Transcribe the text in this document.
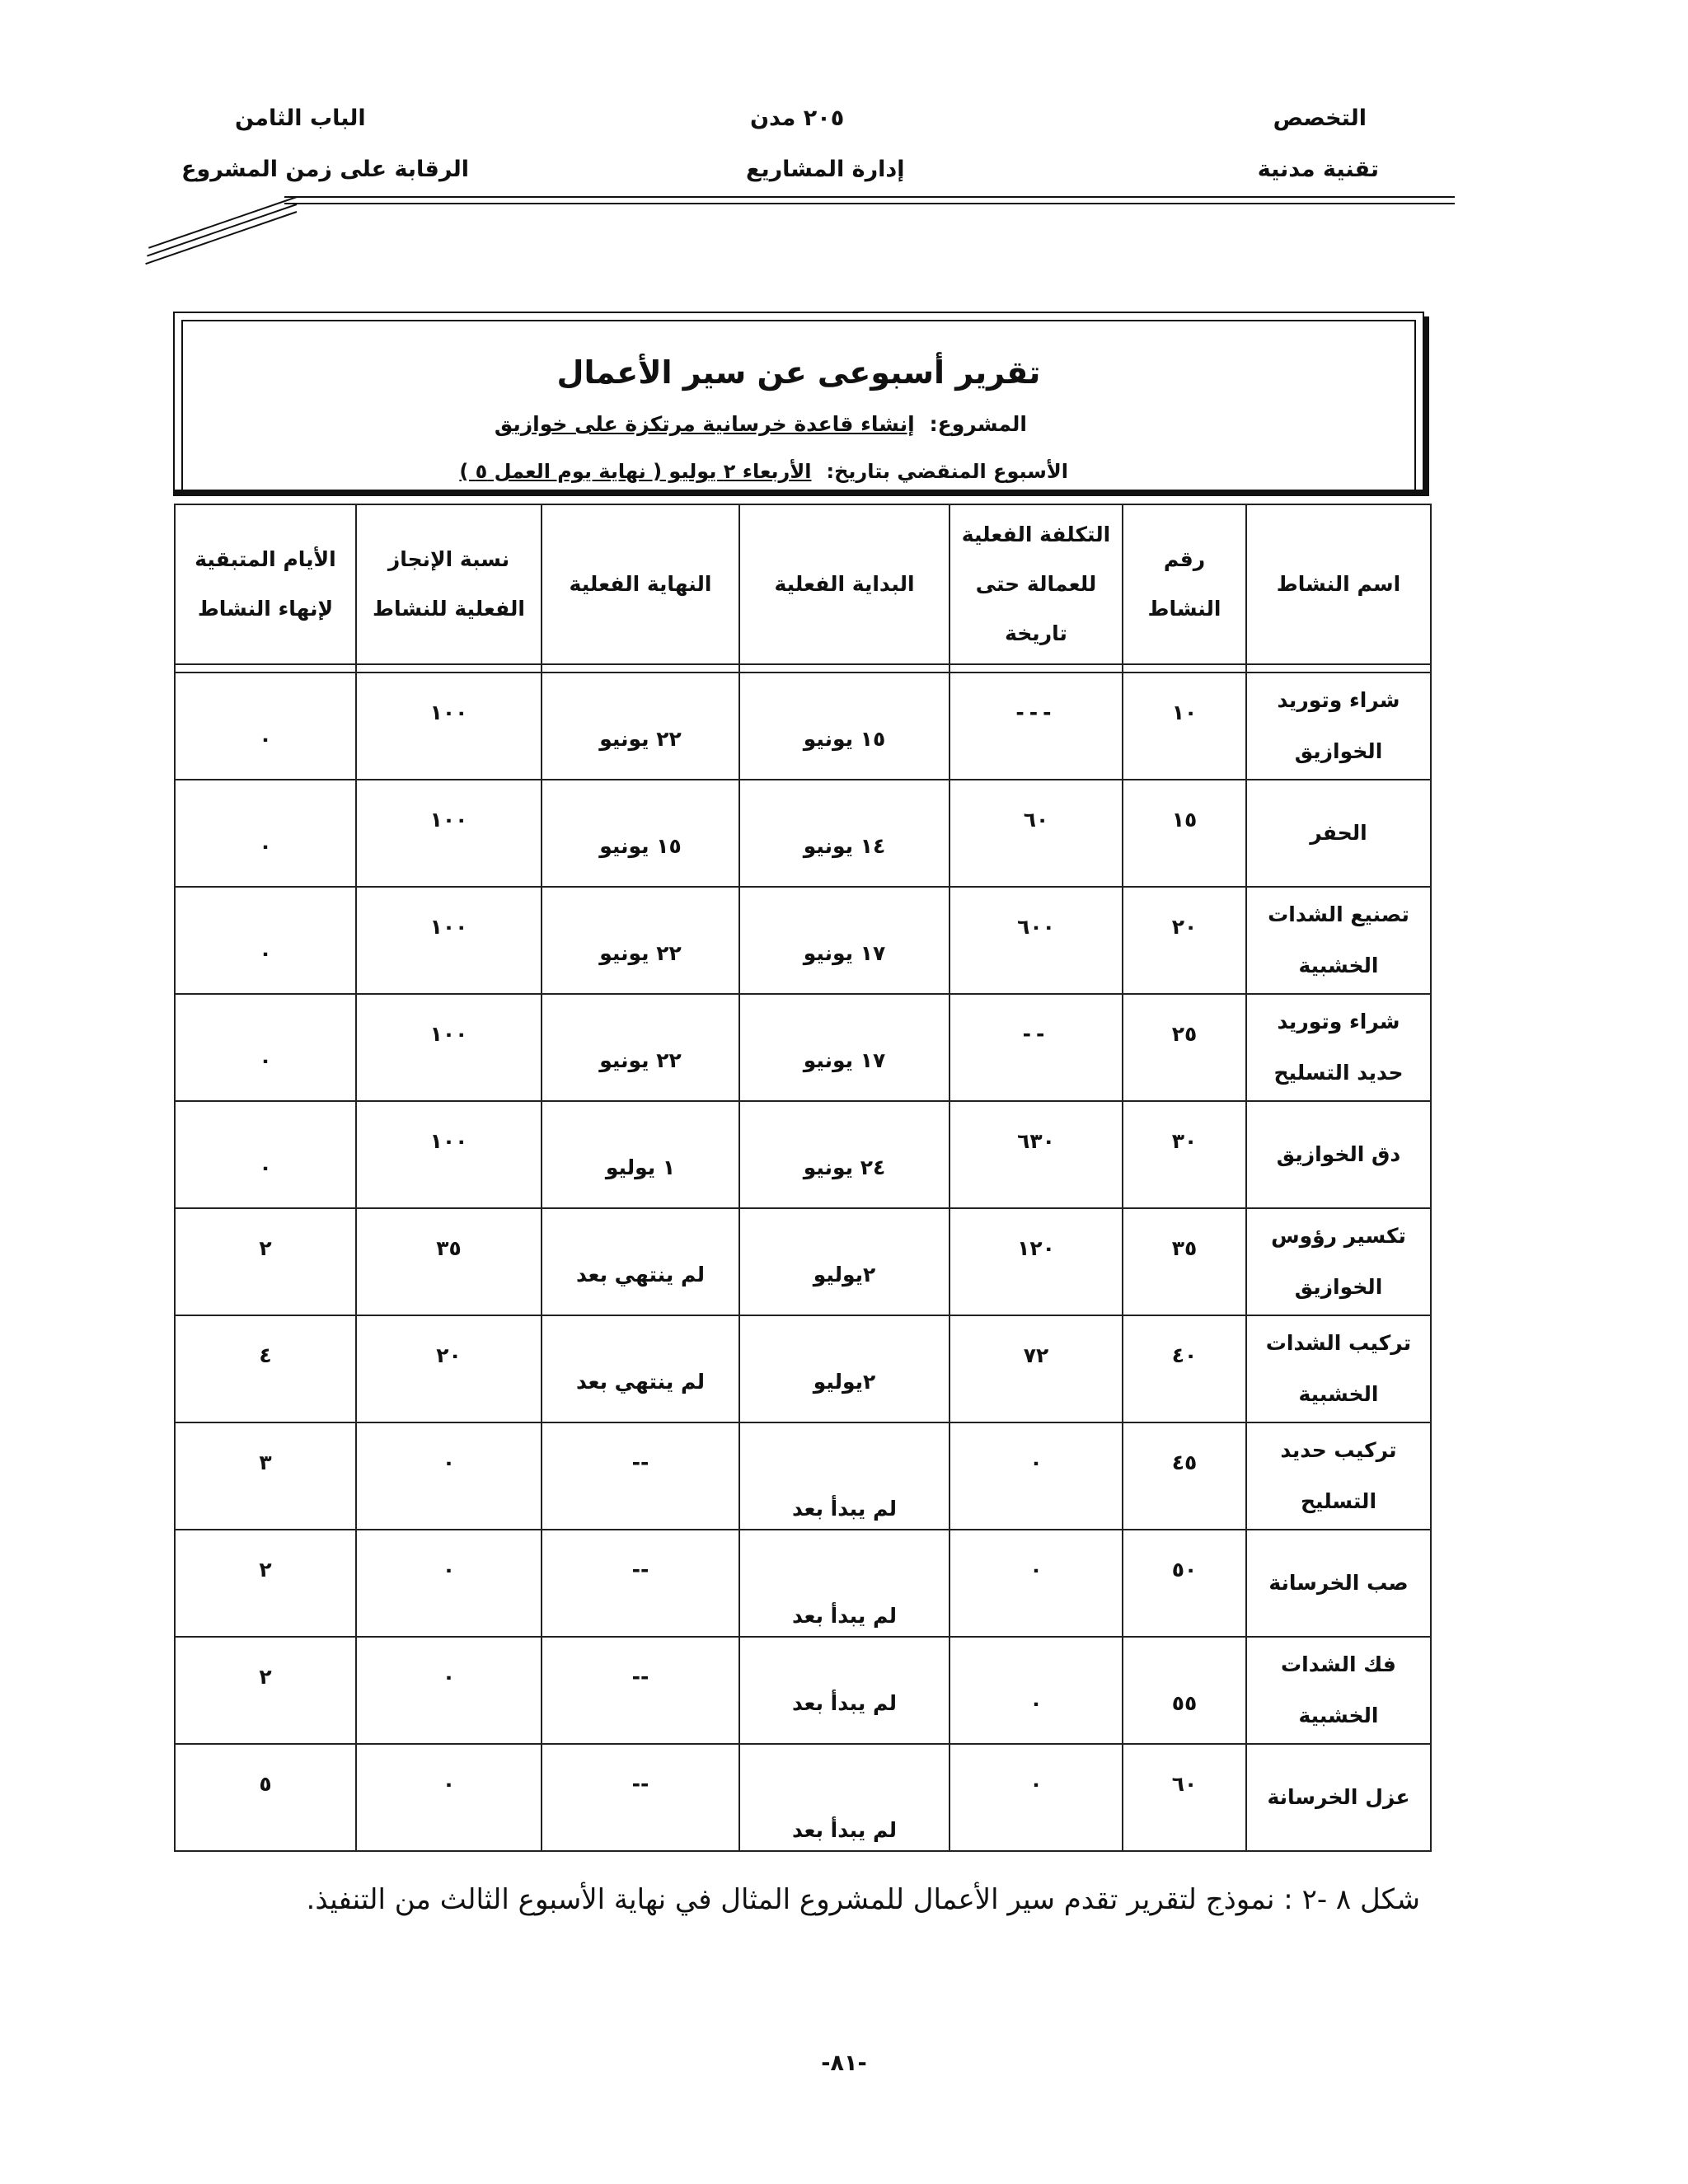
التخصص
تقنية مدنية
٢٠٥ مدن
إدارة المشاريع
الباب الثامن
الرقابة على زمن المشروع
تقرير أسبوعى عن سير الأعمال
المشروع:إنشاء قاعدة خرسانية مرتكزة على خوازيق
الأسبوع المنقضي بتاريخ:الأربعاء ٢ يوليو ( نهاية يوم العمل ٥ )
اسم النشاط	رقم النشاط	التكلفة الفعلية للعمالة حتى تاريخة	البداية الفعلية	النهاية الفعلية	نسبة الإنجاز الفعلية للنشاط	الأيام المتبقية لإنهاء النشاط

شراء وتوريد الخوازيق	١٠	---	١٥ يونيو	٢٢ يونيو	١٠٠	٠
الحفر	١٥	٦٠	١٤ يونيو	١٥ يونيو	١٠٠	٠
تصنيع الشدات الخشبية	٢٠	٦٠٠	١٧ يونيو	٢٢ يونيو	١٠٠	٠
شراء وتوريد حديد التسليح	٢٥	--	١٧ يونيو	٢٢ يونيو	١٠٠	٠
دق الخوازيق	٣٠	٦٣٠	٢٤ يونيو	١ يوليو	١٠٠	٠
تكسير رؤوس الخوازيق	٣٥	١٢٠	٢يوليو	لم ينتهي بعد	٣٥	٢
تركيب الشدات الخشبية	٤٠	٧٢	٢يوليو	لم ينتهي بعد	٢٠	٤
تركيب حديد التسليح	٤٥	٠	لم يبدأ بعد	--	٠	٣
صب الخرسانة	٥٠	٠	لم يبدأ بعد	--	٠	٢
فك الشدات الخشبية	٥٥	٠	لم يبدأ بعد	--	٠	٢
عزل الخرسانة	٦٠	٠	لم يبدأ بعد	--	٠	٥
شكل ٨ -٢ : نموذج لتقرير تقدم سير الأعمال للمشروع المثال في نهاية الأسبوع الثالث من التنفيذ.
-٨١-
